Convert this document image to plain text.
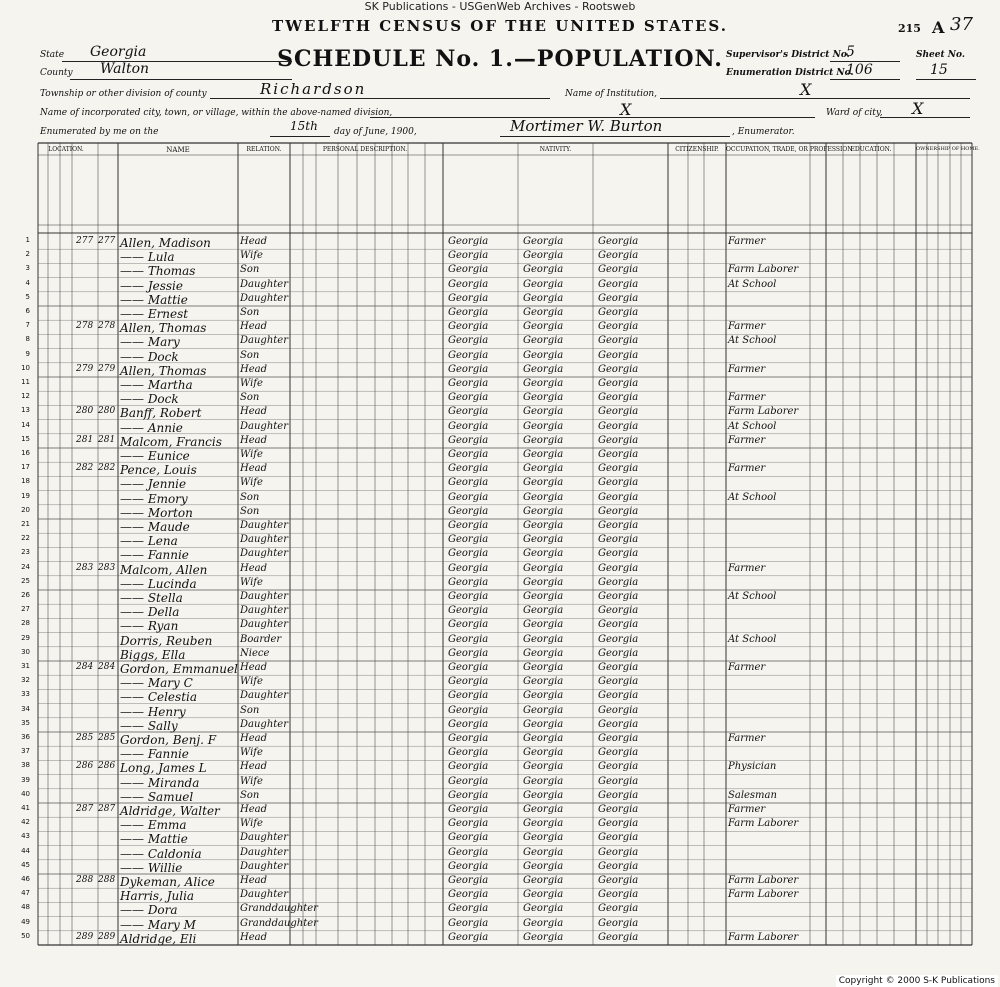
SK Publications - USGenWeb Archives - Rootsweb
TWELFTH CENSUS OF THE UNITED STATES.	215 A 37
SCHEDULE No. 1.—POPULATION.
State Georgia
County Walton
Supervisor's District No.
5
Enumeration District No.
106
Sheet No.
15
Township or other division of county	Richardson	Name of Institution,	X
Name of incorporated city, town, or village, within the above-named division,	X	Ward of city, X
Enumerated by me on the	15th day of June, 1900,	Mortimer W. Burton	, Enumerator.
LOCATION.	NAME	RELATION.	PERSONAL DESCRIPTION.	NATIVITY.	CITIZENSHIP.	OCCUPATION, TRADE, OR PROFESSION
EDUCATION.	OWNERSHIP OF HOME.
1	277 277 Allen, Madison	Head	Georgia	Georgia	Georgia	Farmer
2	—— Lula	Wife	Georgia	Georgia	Georgia
3	—— Thomas	Son	Georgia	Georgia	Georgia	Farm Laborer
4	—— Jessie	Daughter	Georgia	Georgia	Georgia	At School
5	—— Mattie	Daughter	Georgia	Georgia	Georgia
6	—— Ernest	Son	Georgia	Georgia	Georgia
7	278 278 Allen, Thomas	Head	Georgia	Georgia	Georgia	Farmer
8	—— Mary	Daughter	Georgia	Georgia	Georgia	At School
9	—— Dock	Son	Georgia	Georgia	Georgia
10	279 279 Allen, Thomas	Head	Georgia	Georgia	Georgia	Farmer
11	—— Martha	Wife	Georgia	Georgia	Georgia
12	—— Dock	Son	Georgia	Georgia	Georgia	Farmer
13	280 280 Banff, Robert	Head	Georgia	Georgia	Georgia	Farm Laborer
14	—— Annie	Daughter	Georgia	Georgia	Georgia	At School
15	281 281 Malcom, Francis	Head	Georgia	Georgia	Georgia	Farmer
16	—— Eunice	Wife	Georgia	Georgia	Georgia
17	282 282 Pence, Louis	Head	Georgia	Georgia	Georgia	Farmer
18	—— Jennie	Wife	Georgia	Georgia	Georgia
19	—— Emory	Son	Georgia	Georgia	Georgia	At School
20	—— Morton	Son	Georgia	Georgia	Georgia
21	—— Maude	Daughter	Georgia	Georgia	Georgia
22	—— Lena	Daughter	Georgia	Georgia	Georgia
23	—— Fannie	Daughter	Georgia	Georgia	Georgia
24	283 283 Malcom, Allen	Head	Georgia	Georgia	Georgia	Farmer
25	—— Lucinda	Wife	Georgia	Georgia	Georgia
26	—— Stella	Daughter	Georgia	Georgia	Georgia	At School
27	—— Della	Daughter	Georgia	Georgia	Georgia
28	—— Ryan	Daughter	Georgia	Georgia	Georgia
29	Dorris, Reuben	Boarder	Georgia	Georgia	Georgia	At School
30	Biggs, Ella	Niece	Georgia	Georgia	Georgia
31	284 284 Gordon, Emmanuel Head	Georgia	Georgia	Georgia	Farmer
32	—— Mary C	Wife	Georgia	Georgia	Georgia
33	—— Celestia	Daughter	Georgia	Georgia	Georgia
34	—— Henry	Son	Georgia	Georgia	Georgia
35	—— Sally	Daughter	Georgia	Georgia	Georgia
36	285 285 Gordon, Benj. F	Head	Georgia	Georgia	Georgia	Farmer
37	—— Fannie	Wife	Georgia	Georgia	Georgia
38	286 286 Long, James L	Head	Georgia	Georgia	Georgia	Physician
39	—— Miranda	Wife	Georgia	Georgia	Georgia
40	—— Samuel	Son	Georgia	Georgia	Georgia	Salesman
41	287 287 Aldridge, Walter	Head	Georgia	Georgia	Georgia	Farmer
42	—— Emma	Wife	Georgia	Georgia	Georgia	Farm Laborer
43	—— Mattie	Daughter	Georgia	Georgia	Georgia
44	—— Caldonia	Daughter	Georgia	Georgia	Georgia
45	—— Willie	Daughter	Georgia	Georgia	Georgia
46	288 288 Dykeman, Alice	Head	Georgia	Georgia	Georgia	Farm Laborer
47	Harris, Julia	Daughter	Georgia	Georgia	Georgia	Farm Laborer
48	—— Dora	Granddaughter	Georgia	Georgia	Georgia
49	—— Mary M	Granddaughter	Georgia	Georgia	Georgia
50	289 289 Aldridge, Eli	Head	Georgia	Georgia	Georgia	Farm Laborer
Copyright © 2000 S-K Publications
